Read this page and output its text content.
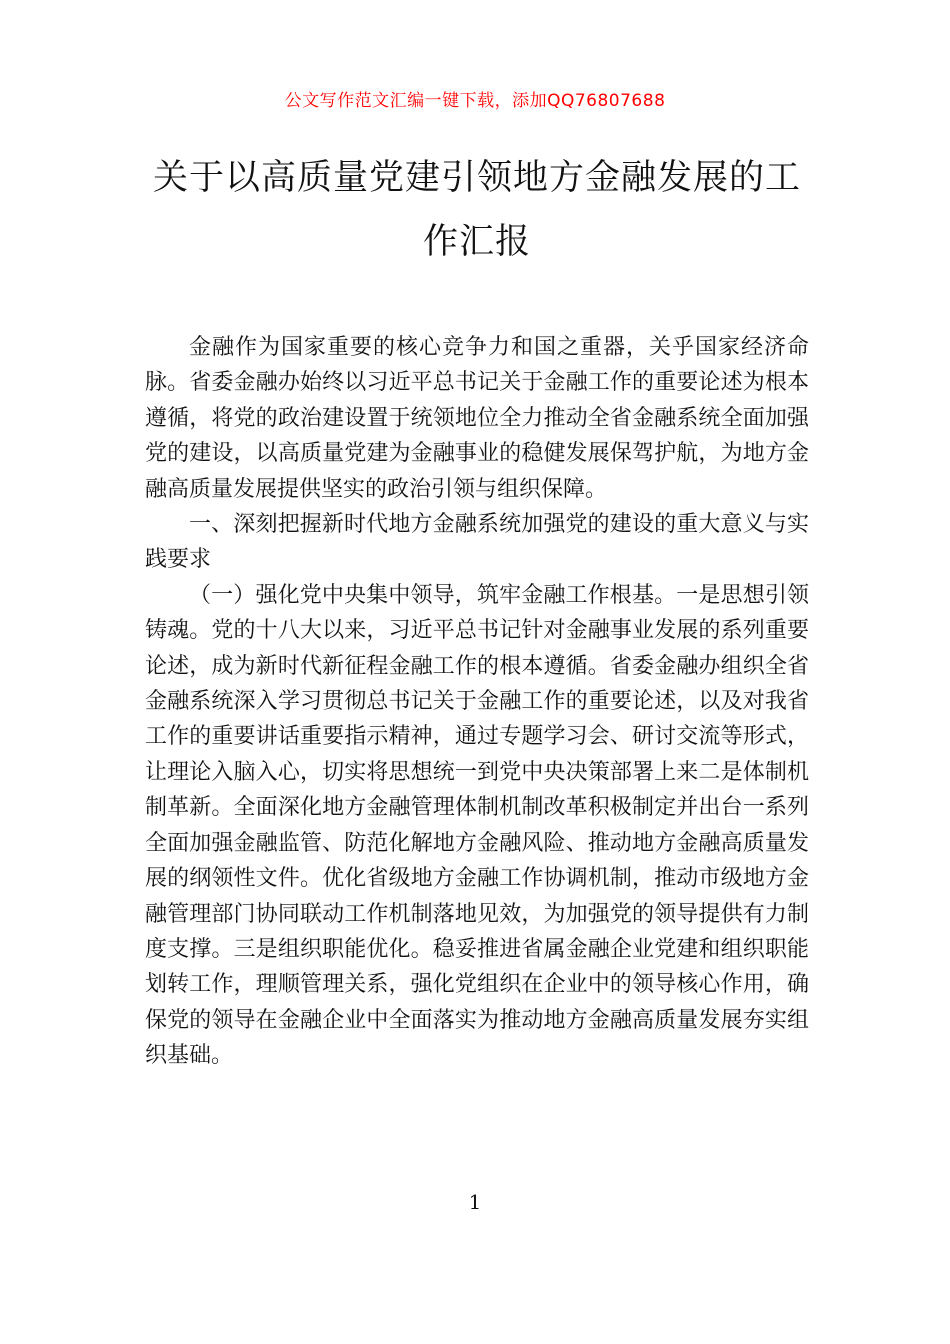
公文写作范文汇编一键下载，添加QQ76807688
关于以高质量党建引领地方金融发展的工作汇报

金融作为国家重要的核心竞争力和国之重器，关乎国家经济命脉。省委金融办始终以习近平总书记关于金融工作的重要论述为根本遵循，将党的政治建设置于统领地位全力推动全省金融系统全面加强党的建设，以高质量党建为金融事业的稳健发展保驾护航，为地方金融高质量发展提供坚实的政治引领与组织保障。

一、深刻把握新时代地方金融系统加强党的建设的重大意义与实践要求

（一）强化党中央集中领导，筑牢金融工作根基。一是思想引领铸魂。党的十八大以来，习近平总书记针对金融事业发展的系列重要论述，成为新时代新征程金融工作的根本遵循。省委金融办组织全省金融系统深入学习贯彻总书记关于金融工作的重要论述，以及对我省工作的重要讲话重要指示精神，通过专题学习会、研讨交流等形式，让理论入脑入心，切实将思想统一到党中央决策部署上来二是体制机制革新。全面深化地方金融管理体制机制改革积极制定并出台一系列全面加强金融监管、防范化解地方金融风险、推动地方金融高质量发展的纲领性文件。优化省级地方金融工作协调机制，推动市级地方金融管理部门协同联动工作机制落地见效，为加强党的领导提供有力制度支撑。三是组织职能优化。稳妥推进省属金融企业党建和组织职能划转工作，理顺管理关系，强化党组织在企业中的领导核心作用，确保党的领导在金融企业中全面落实为推动地方金融高质量发展夯实组织基础。

1
